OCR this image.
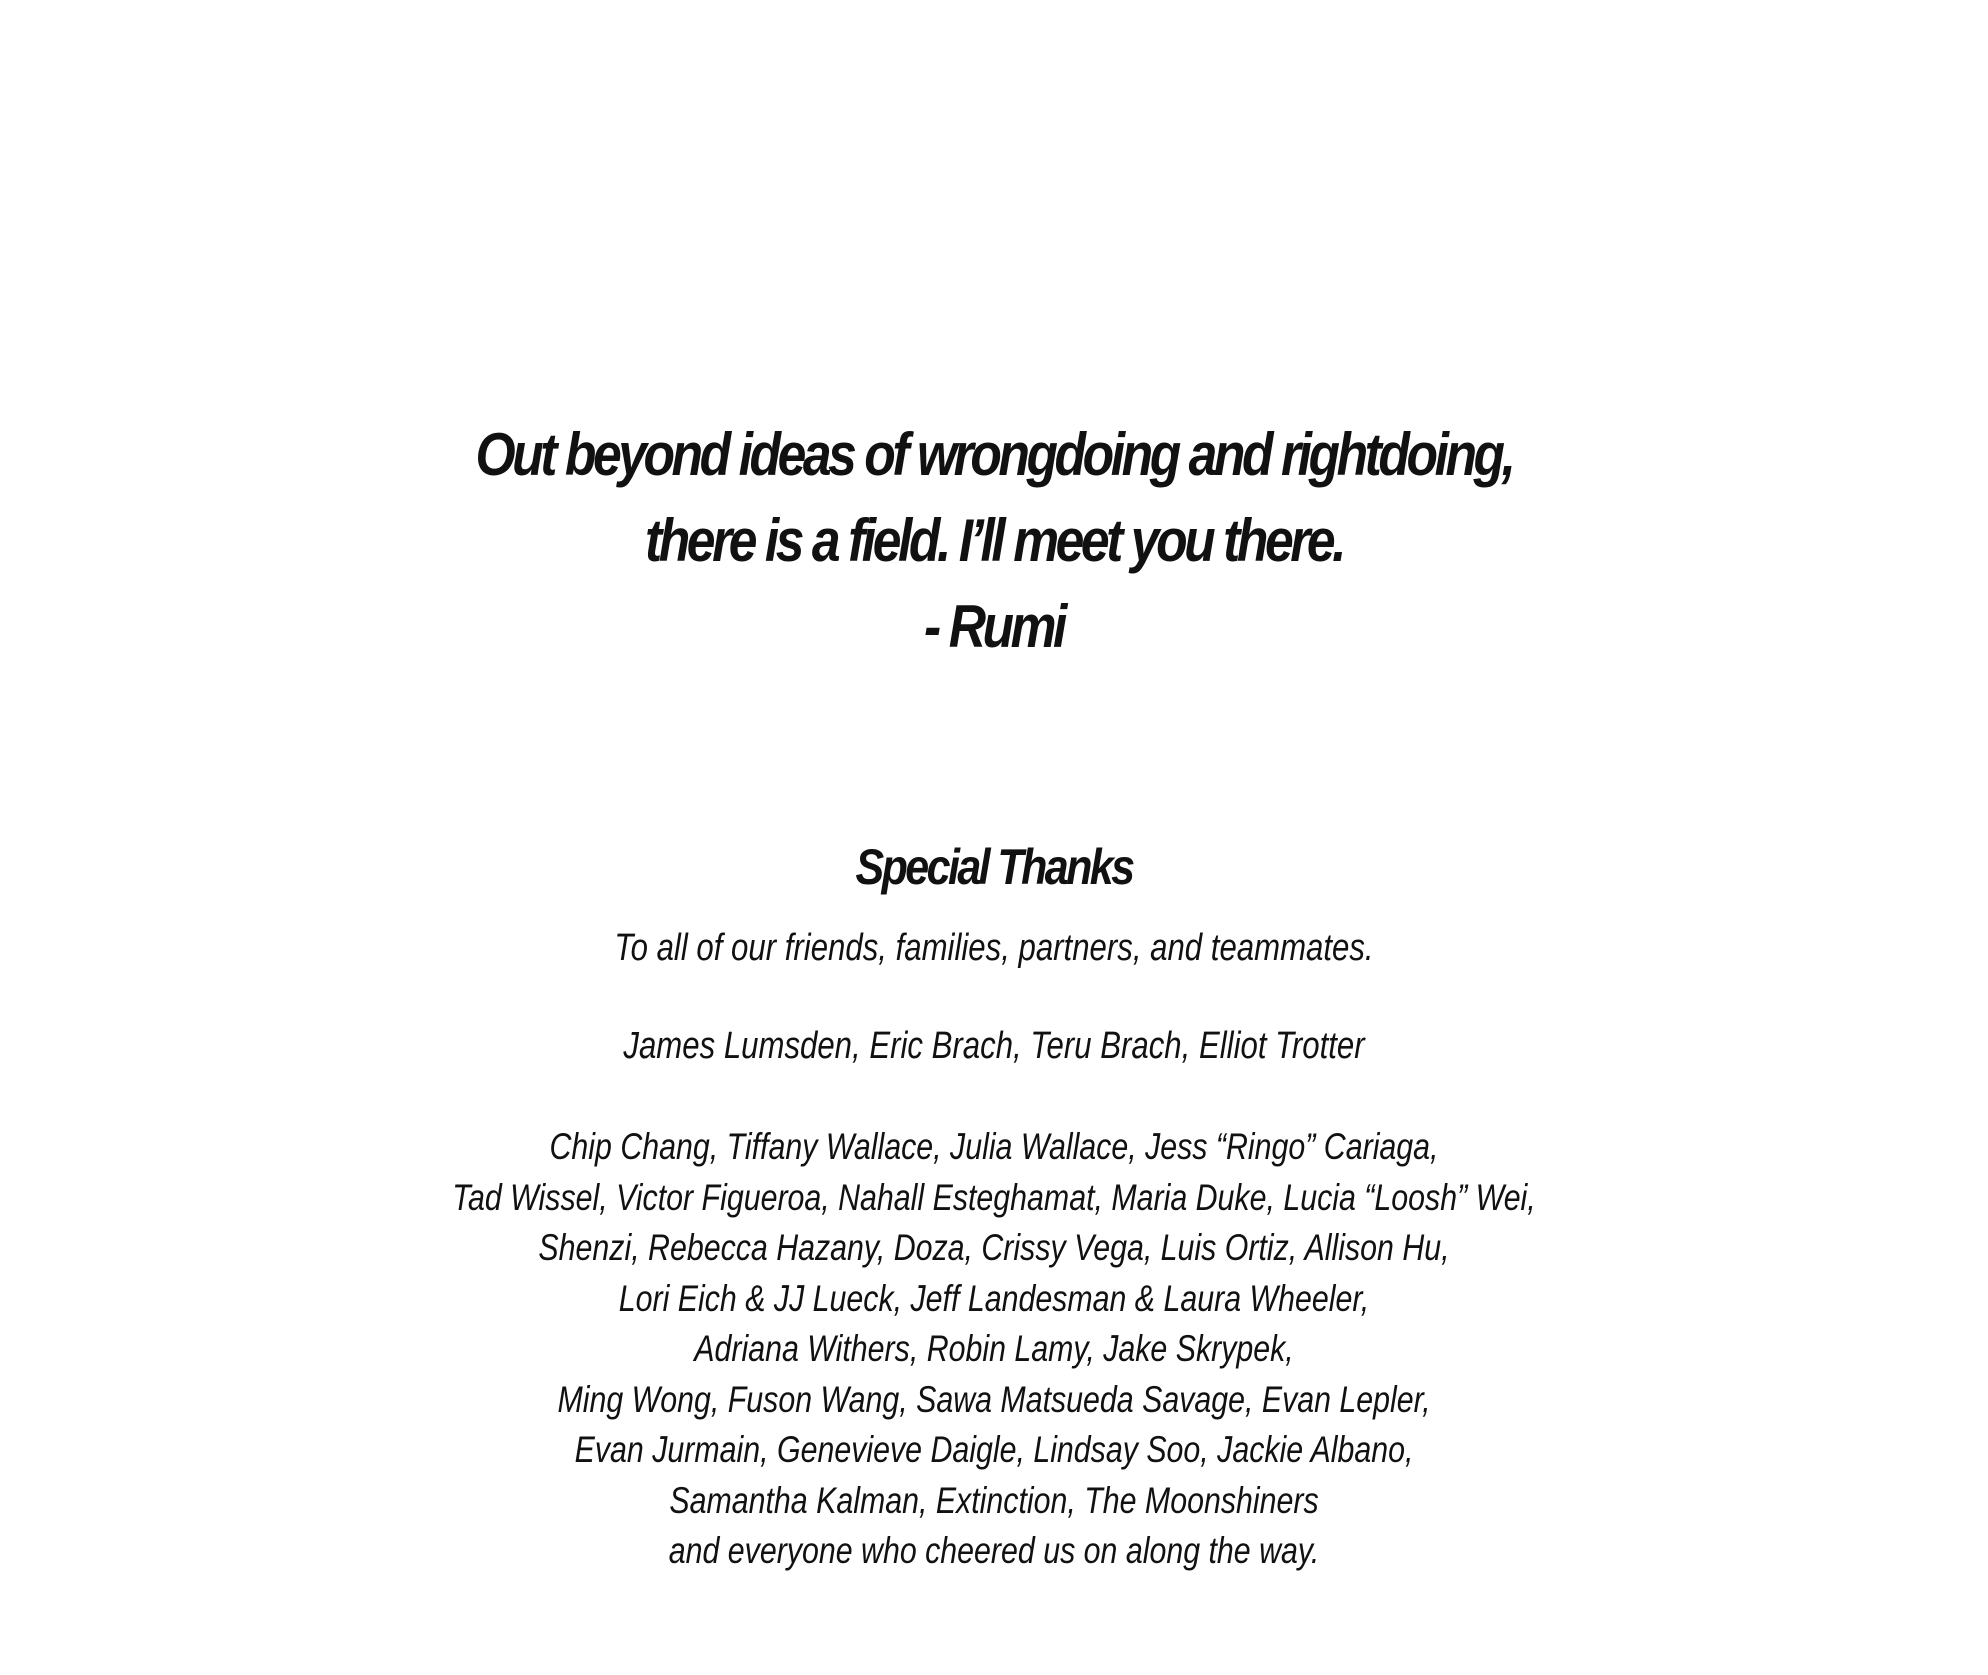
Out beyond ideas of wrongdoing and rightdoing,
there is a field. I’ll meet you there.
- Rumi
Special Thanks
To all of our friends, families, partners, and teammates.
James Lumsden, Eric Brach, Teru Brach, Elliot Trotter
Chip Chang, Tiffany Wallace, Julia Wallace, Jess “Ringo” Cariaga,
Tad Wissel, Victor Figueroa, Nahall Esteghamat, Maria Duke, Lucia “Loosh” Wei,
Shenzi, Rebecca Hazany, Doza, Crissy Vega, Luis Ortiz, Allison Hu,
Lori Eich & JJ Lueck, Jeff Landesman & Laura Wheeler,
Adriana Withers, Robin Lamy, Jake Skrypek,
Ming Wong, Fuson Wang, Sawa Matsueda Savage, Evan Lepler,
Evan Jurmain, Genevieve Daigle, Lindsay Soo, Jackie Albano,
Samantha Kalman, Extinction, The Moonshiners
and everyone who cheered us on along the way.
